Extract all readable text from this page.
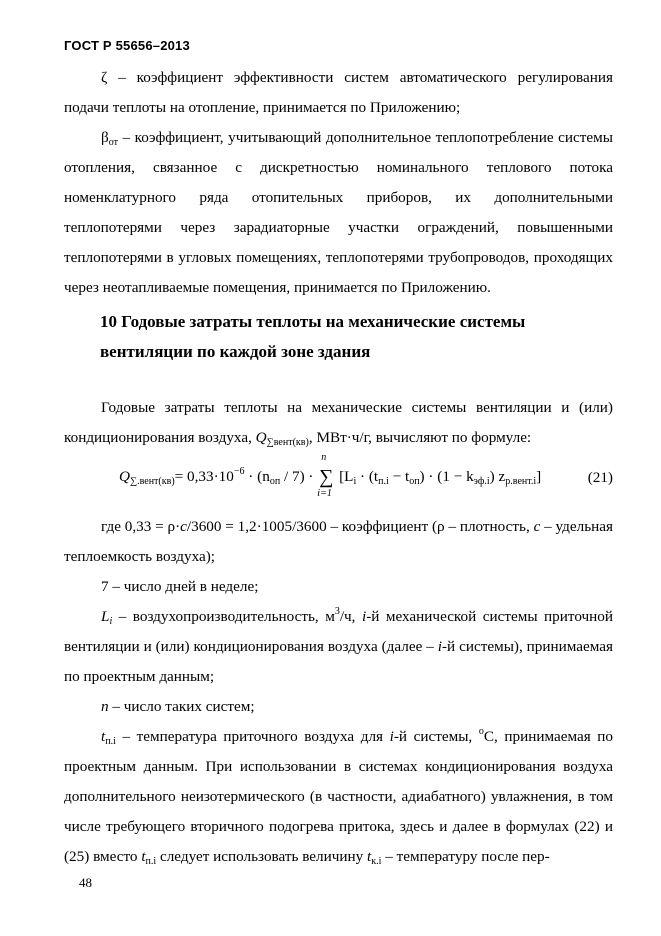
ГОСТ Р 55656–2013

ζ – коэффициент эффективности систем автоматического регулирования подачи теплоты на отопление, принимается по Приложению;

$\beta_{от}$ – коэффициент, учитывающий дополнительное теплопотребление системы отопления, связанное с дискретностью номинального теплового потока номенклатурного ряда отопительных приборов, их дополнительными теплопотерями через зарадиаторные участки ограждений, повышенными теплопотерями в угловых помещениях, теплопотерями трубопроводов, проходящих через неотапливаемые помещения, принимается по Приложению.

10 Годовые затраты теплоты на механические системы вентиляции по каждой зоне здания

Годовые затраты теплоты на механические системы вентиляции и (или) кондиционирования воздуха, $Q_{\sum вент(кв)}$, МВт·ч/г, вычисляют по формуле:

$Q_{\sum.вент(кв)}= 0,33\cdot 10^{-6} \cdot (n_{оп} / 7)$ ·
n
∑
i=1
[$L_i \cdot (t_{п.i} - t_{оп}) \cdot (1 - k_{эф.i})$ $z_{р.вент.i}$]	(21)

где 0,33 = ρ·c/3600 = 1,2·1005/3600 – коэффициент (ρ – плотность, c – удельная теплоемкость воздуха);

7 – число дней в неделе;

$L_i$ – воздухопроизводительность, $м^3/ч$, i-й механической системы приточной вентиляции и (или) кондиционирования воздуха (далее – i-й системы), принимаемая по проектным данным;

n – число таких систем;

$t_{п.i}$ – температура приточного воздуха для i-й системы, $^о$С, принимаемая по проектным данным. При использовании в системах кондиционирования воздуха дополнительного неизотермического (в частности, адиабатного) увлажнения, в том числе требующего вторичного подогрева притока, здесь и далее в формулах (22) и (25) вместо $t_{п.i}$ следует использовать величину $t_{к.i}$ – температуру после пер-

48
